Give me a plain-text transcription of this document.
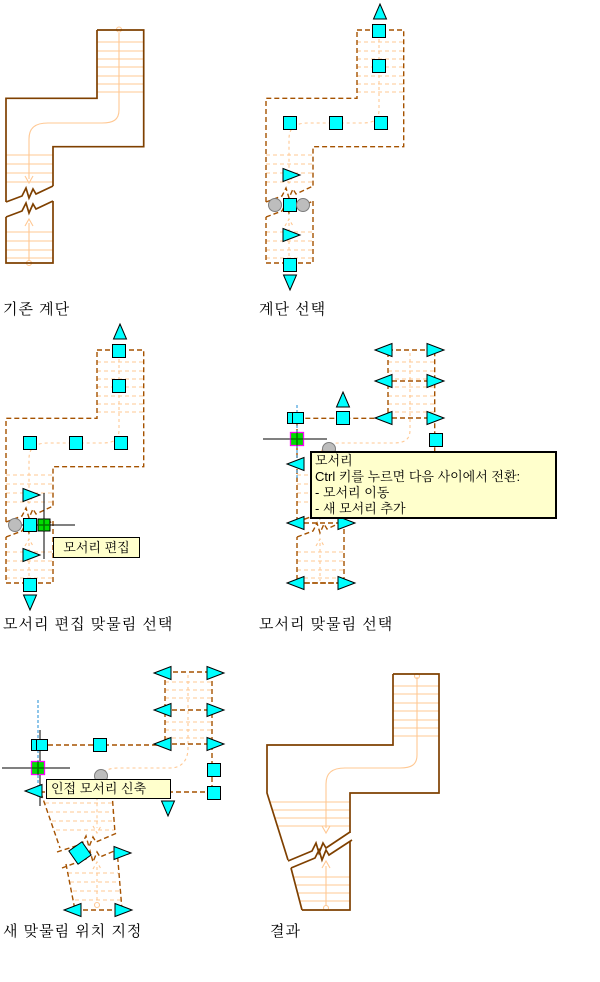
기존 계단	계단 선택
모서리 편집 맞물림 선택	모서리 맞물림 선택
새 맞물림 위치 지정	결과
모서리 편집
모서리
Ctrl 키를 누르면 다음 사이에서 전환:
- 모서리 이동
- 새 모서리 추가
인접 모서리 신축
